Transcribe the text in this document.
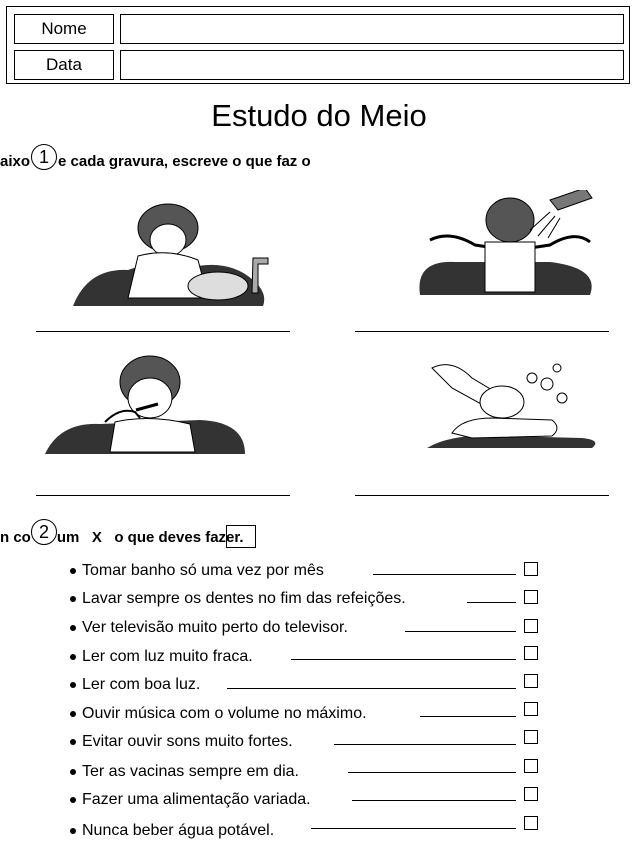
Nome
Data
Estudo do Meio
aixo e cada gravura, escreve o que faz o
1
n co um   X   o que deves fazer.
2
Tomar banho só uma vez por mês
Lavar sempre os dentes no fim das refeições.
Ver televisão muito perto do televisor.
Ler com luz muito fraca.
Ler com boa luz.
Ouvir música com o volume no máximo.
Evitar ouvir sons muito fortes.
Ter as vacinas sempre em dia.
Fazer uma alimentação variada.
Nunca beber água potável.
